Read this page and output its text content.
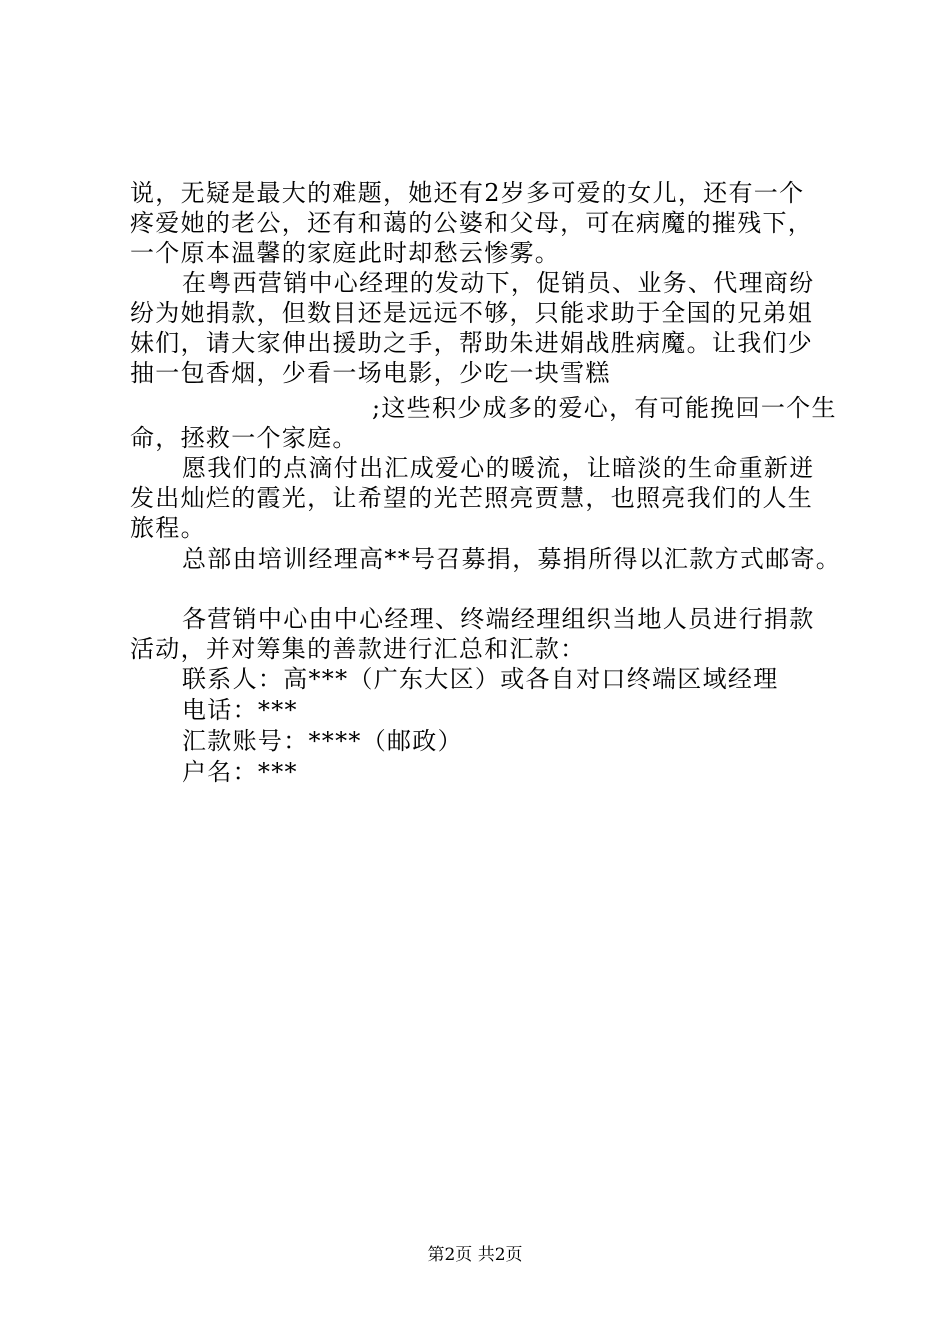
说，无疑是最大的难题，她还有2岁多可爱的女儿，还有一个
疼爱她的老公，还有和蔼的公婆和父母，可在病魔的摧残下，
一个原本温馨的家庭此时却愁云惨雾。
在粤西营销中心经理的发动下，促销员、业务、代理商纷
纷为她捐款，但数目还是远远不够，只能求助于全国的兄弟姐
妹们，请大家伸出援助之手，帮助朱进娟战胜病魔。让我们少
抽一包香烟，少看一场电影，少吃一块雪糕
;这些积少成多的爱心，有可能挽回一个生
命，拯救一个家庭。
愿我们的点滴付出汇成爱心的暖流，让暗淡的生命重新迸
发出灿烂的霞光，让希望的光芒照亮贾慧，也照亮我们的人生
旅程。
总部由培训经理高**号召募捐，募捐所得以汇款方式邮寄。
各营销中心由中心经理、终端经理组织当地人员进行捐款
活动，并对筹集的善款进行汇总和汇款：
联系人：高***（广东大区）或各自对口终端区域经理
电话：***
汇款账号：****（邮政）
户名：***
第2页 共2页
